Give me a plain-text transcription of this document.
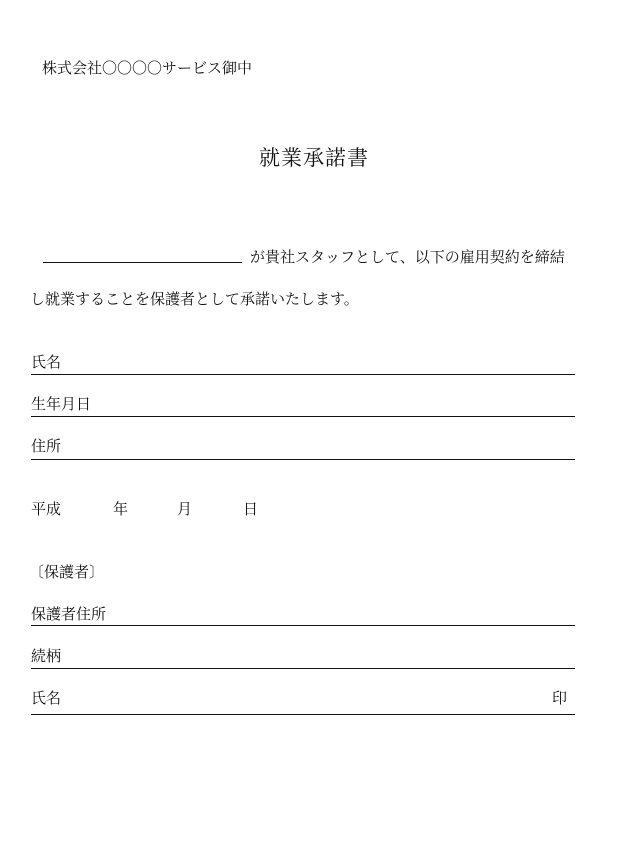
株式会社〇〇〇〇サービス御中
就業承諾書
が貴社スタッフとして、以下の雇用契約を締結
し就業することを保護者として承諾いたします。
氏名
生年月日
住所
平成	年	月	日
〔保護者〕
保護者住所
続柄
氏名	印
